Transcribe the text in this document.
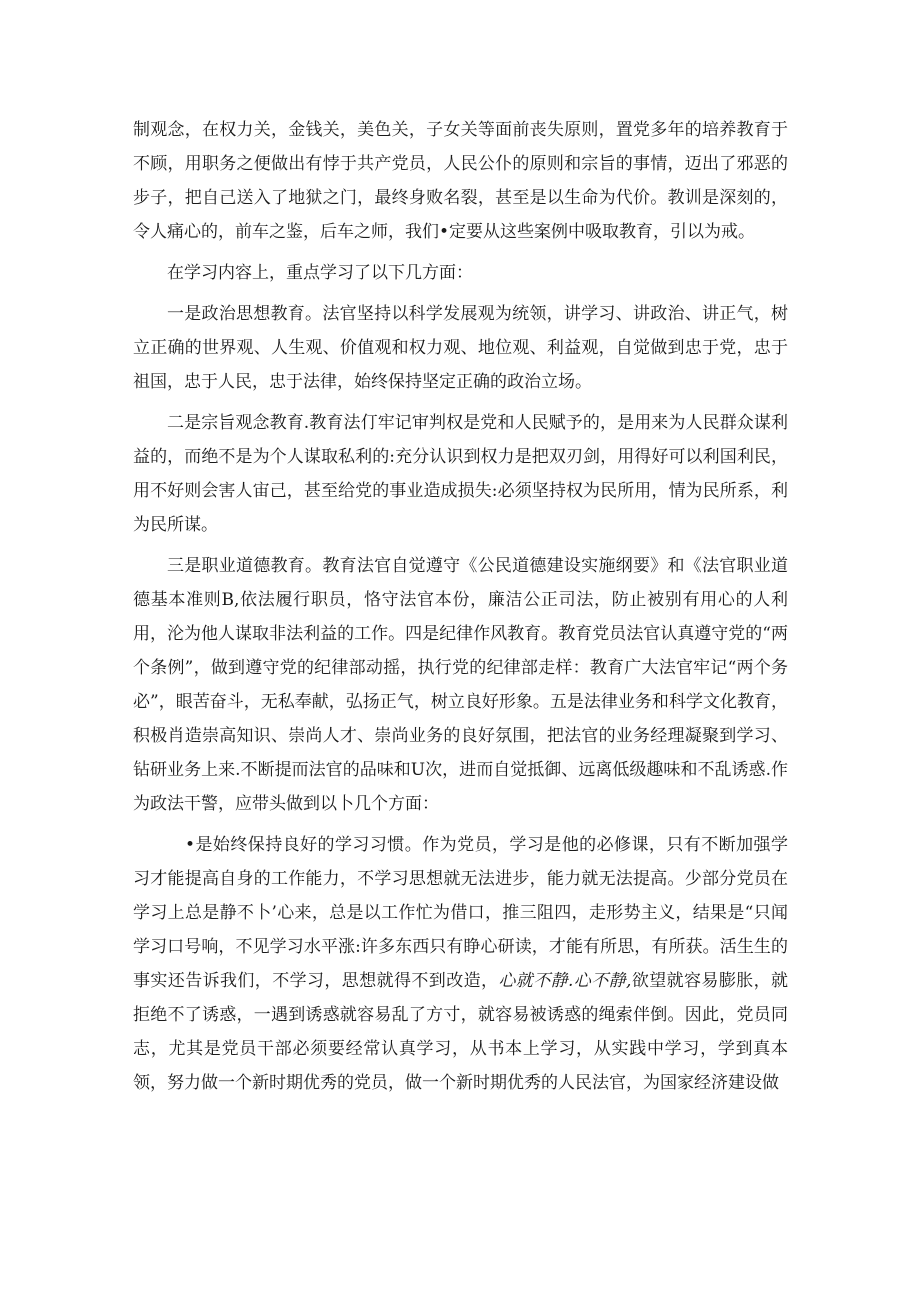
制观念，在权力关，金钱关，美色关，子女关等面前丧失原则，置党多年的培养教育于不顾，用职务之便做出有悖于共产党员，人民公仆的原则和宗旨的事情，迈出了邪恶的步子，把自己送入了地狱之门，最终身败名裂，甚至是以生命为代价。教训是深刻的，令人痛心的，前车之鉴，后车之师，我们•定要从这些案例中吸取教育，引以为戒。

在学习内容上，重点学习了以下几方面：

一是政治思想教育。法官坚持以科学发展观为统领，讲学习、讲政治、讲正气，树立正确的世界观、人生观、价值观和权力观、地位观、利益观，自觉做到忠于党，忠于祖国，忠于人民，忠于法律，始终保持坚定正确的政治立场。

二是宗旨观念教育.教育法仃牢记审判权是党和人民赋予的，是用来为人民群众谋利益的，而绝不是为个人谋取私利的:充分认识到权力是把双刃剑，用得好可以利国利民，用不好则会害人宙己，甚至给党的事业造成损失:必须坚持权为民所用，情为民所系，利为民所谋。

三是职业道德教育。教育法官自觉遵守《公民道德建设实施纲要》和《法官职业道德基本准则B,依法履行职员，恪守法官本份，廉洁公正司法，防止被别有用心的人利用，沦为他人谋取非法利益的工作。四是纪律作风教育。教育党员法官认真遵守党的“两个条例”，做到遵守党的纪律部动摇，执行党的纪律部走样：教育广大法官牢记“两个务必”，眼苦奋斗，无私奉献，弘扬正气，树立良好形象。五是法律业务和科学文化教育，积极肖造崇高知识、崇尚人才、崇尚业务的良好氛围，把法官的业务经理凝聚到学习、钻研业务上来.不断提而法官的品味和U次，进而自觉抵御、远离低级趣味和不乱诱惑.作为政法干警，应带头做到以卜几个方面：

•是始终保持良好的学习习惯。作为党员，学习是他的必修课，只有不断加强学习才能提高自身的工作能力，不学习思想就无法进步，能力就无法提高。少部分党员在学习上总是静不卜’心来，总是以工作忙为借口，推三阻四，走形势主义，结果是“只闻学习口号响，不见学习水平涨:许多东西只有睁心研读，才能有所思，有所获。活生生的事实还告诉我们，不学习，思想就得不到改造，心就不静.心不静,欲望就容易膨胀，就拒绝不了诱惑，一遇到诱惑就容易乱了方寸，就容易被诱惑的绳索伴倒。因此，党员同志，尤其是党员干部必须要经常认真学习，从书本上学习，从实践中学习，学到真本领，努力做一个新时期优秀的党员，做一个新时期优秀的人民法官，为国家经济建设做
